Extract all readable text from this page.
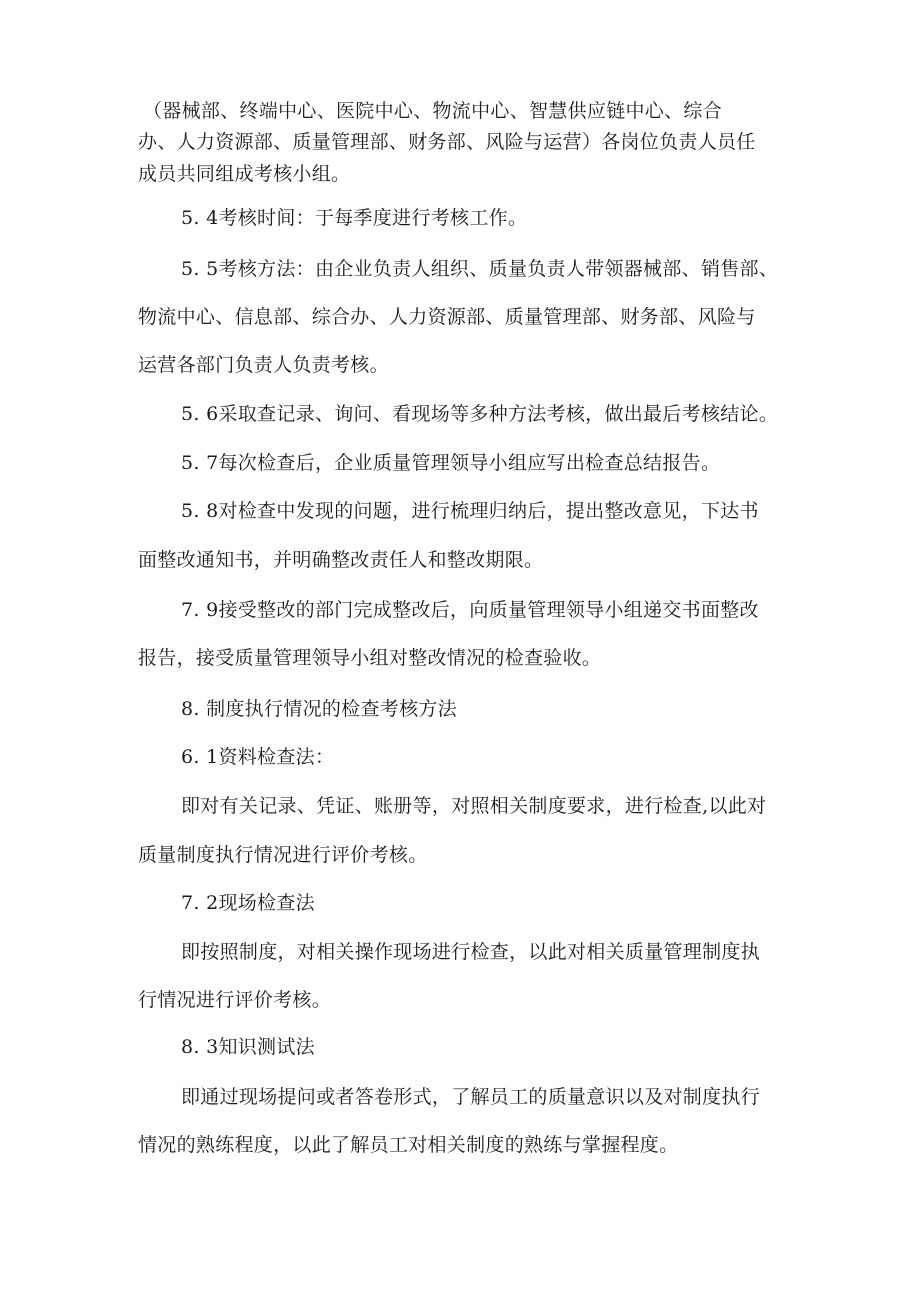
（器械部、终端中心、医院中心、物流中心、智慧供应链中心、综合
办、人力资源部、质量管理部、财务部、风险与运营）各岗位负责人员任
成员共同组成考核小组。
5. 4考核时间：于每季度进行考核工作。
5. 5考核方法：由企业负责人组织、质量负责人带领器械部、销售部、
物流中心、信息部、综合办、人力资源部、质量管理部、财务部、风险与
运营各部门负责人负责考核。
5. 6采取查记录、询问、看现场等多种方法考核，做出最后考核结论。
5. 7每次检查后，企业质量管理领导小组应写出检查总结报告。
5. 8对检查中发现的问题，进行梳理归纳后，提出整改意见，下达书
面整改通知书，并明确整改责任人和整改期限。
7. 9接受整改的部门完成整改后，向质量管理领导小组递交书面整改
报告，接受质量管理领导小组对整改情况的检查验收。
8. 制度执行情况的检查考核方法
6. 1资料检查法：
即对有关记录、凭证、账册等，对照相关制度要求，进行检查,以此对
质量制度执行情况进行评价考核。
7. 2现场检查法
即按照制度，对相关操作现场进行检查，以此对相关质量管理制度执
行情况进行评价考核。
8. 3知识测试法
即通过现场提问或者答卷形式，了解员工的质量意识以及对制度执行
情况的熟练程度，以此了解员工对相关制度的熟练与掌握程度。
